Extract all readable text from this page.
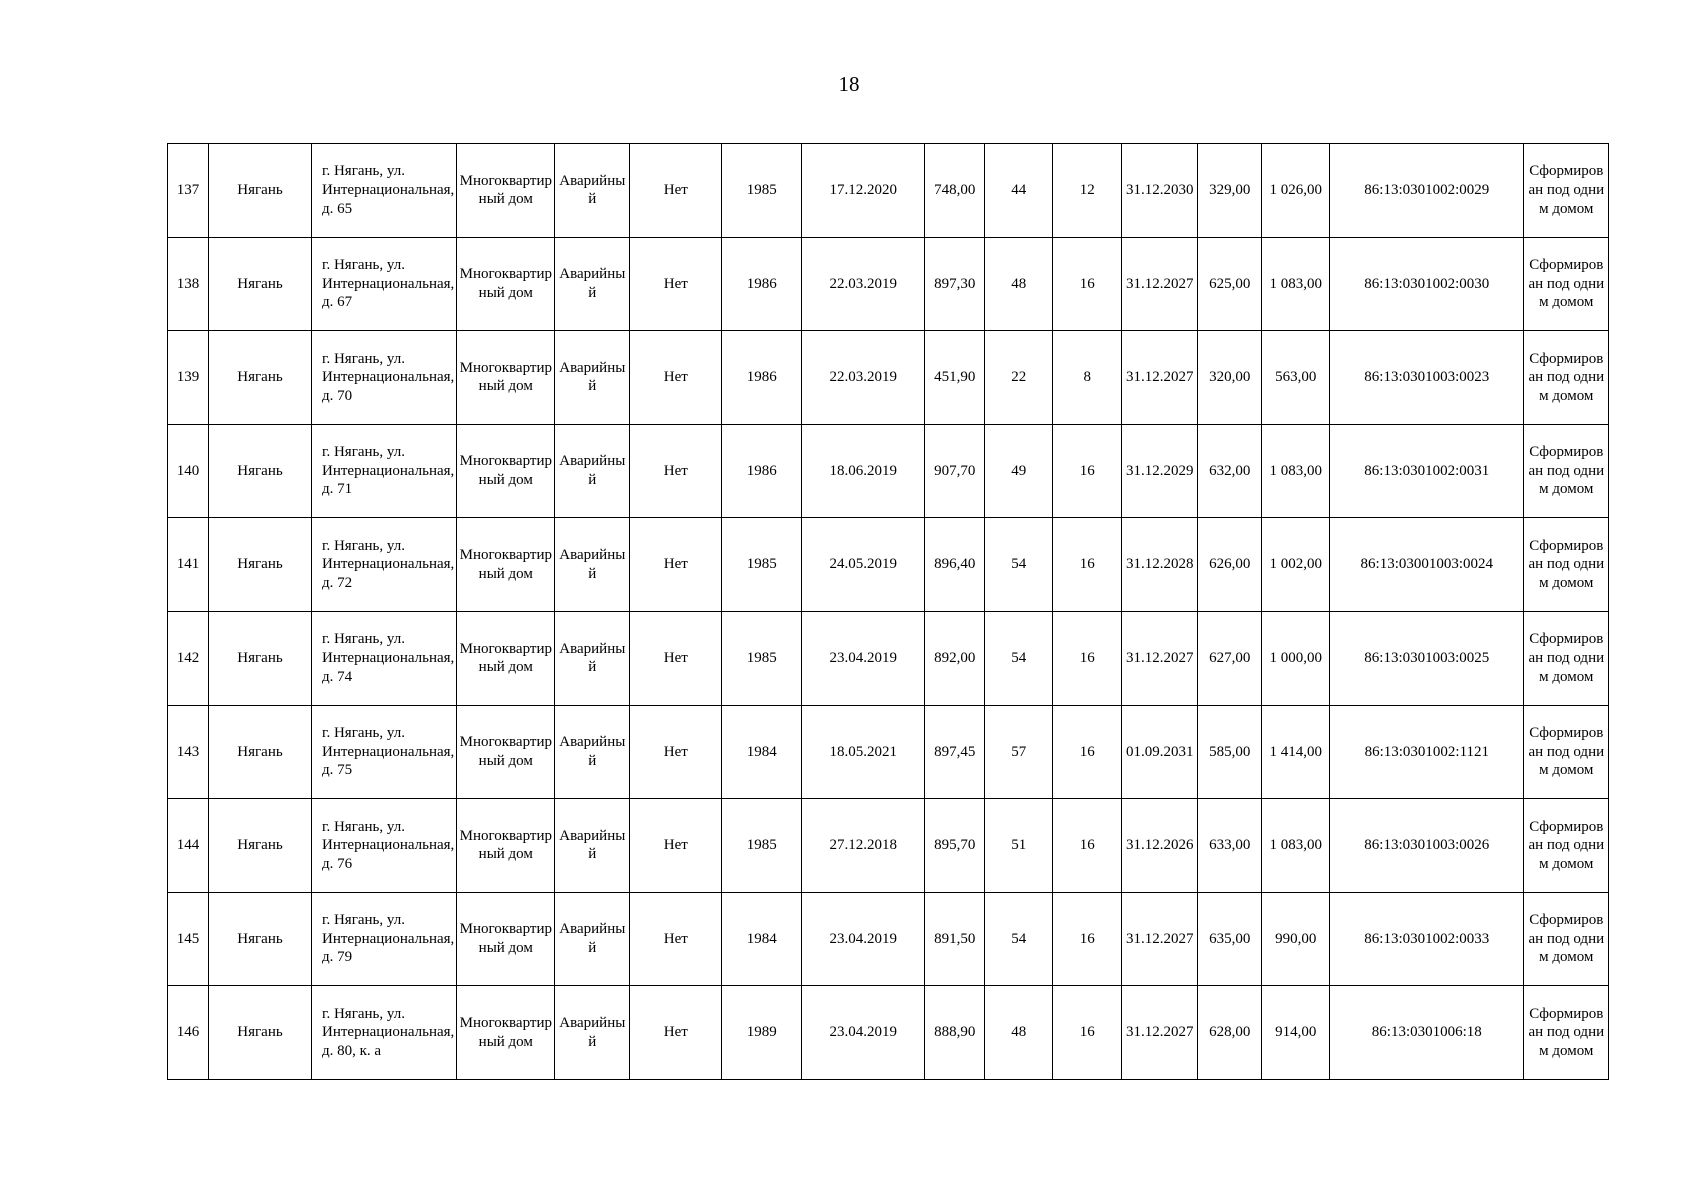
18
137	Нягань	г. Нягань, ул. Интернациональная, д. 65	Многоквартирный дом	Аварийный	Нет	1985	17.12.2020	748,00	44	12	31.12.2030	329,00	1 026,00	86:13:0301002:0029	Сформирован под одним домом
138	Нягань	г. Нягань, ул. Интернациональная, д. 67	Многоквартирный дом	Аварийный	Нет	1986	22.03.2019	897,30	48	16	31.12.2027	625,00	1 083,00	86:13:0301002:0030	Сформирован под одним домом
139	Нягань	г. Нягань, ул. Интернациональная, д. 70	Многоквартирный дом	Аварийный	Нет	1986	22.03.2019	451,90	22	8	31.12.2027	320,00	563,00	86:13:0301003:0023	Сформирован под одним домом
140	Нягань	г. Нягань, ул. Интернациональная, д. 71	Многоквартирный дом	Аварийный	Нет	1986	18.06.2019	907,70	49	16	31.12.2029	632,00	1 083,00	86:13:0301002:0031	Сформирован под одним домом
141	Нягань	г. Нягань, ул. Интернациональная, д. 72	Многоквартирный дом	Аварийный	Нет	1985	24.05.2019	896,40	54	16	31.12.2028	626,00	1 002,00	86:13:03001003:0024	Сформирован под одним домом
142	Нягань	г. Нягань, ул. Интернациональная, д. 74	Многоквартирный дом	Аварийный	Нет	1985	23.04.2019	892,00	54	16	31.12.2027	627,00	1 000,00	86:13:0301003:0025	Сформирован под одним домом
143	Нягань	г. Нягань, ул. Интернациональная, д. 75	Многоквартирный дом	Аварийный	Нет	1984	18.05.2021	897,45	57	16	01.09.2031	585,00	1 414,00	86:13:0301002:1121	Сформирован под одним домом
144	Нягань	г. Нягань, ул. Интернациональная, д. 76	Многоквартирный дом	Аварийный	Нет	1985	27.12.2018	895,70	51	16	31.12.2026	633,00	1 083,00	86:13:0301003:0026	Сформирован под одним домом
145	Нягань	г. Нягань, ул. Интернациональная, д. 79	Многоквартирный дом	Аварийный	Нет	1984	23.04.2019	891,50	54	16	31.12.2027	635,00	990,00	86:13:0301002:0033	Сформирован под одним домом
146	Нягань	г. Нягань, ул. Интернациональная, д. 80, к. а	Многоквартирный дом	Аварийный	Нет	1989	23.04.2019	888,90	48	16	31.12.2027	628,00	914,00	86:13:0301006:18	Сформирован под одним домом
